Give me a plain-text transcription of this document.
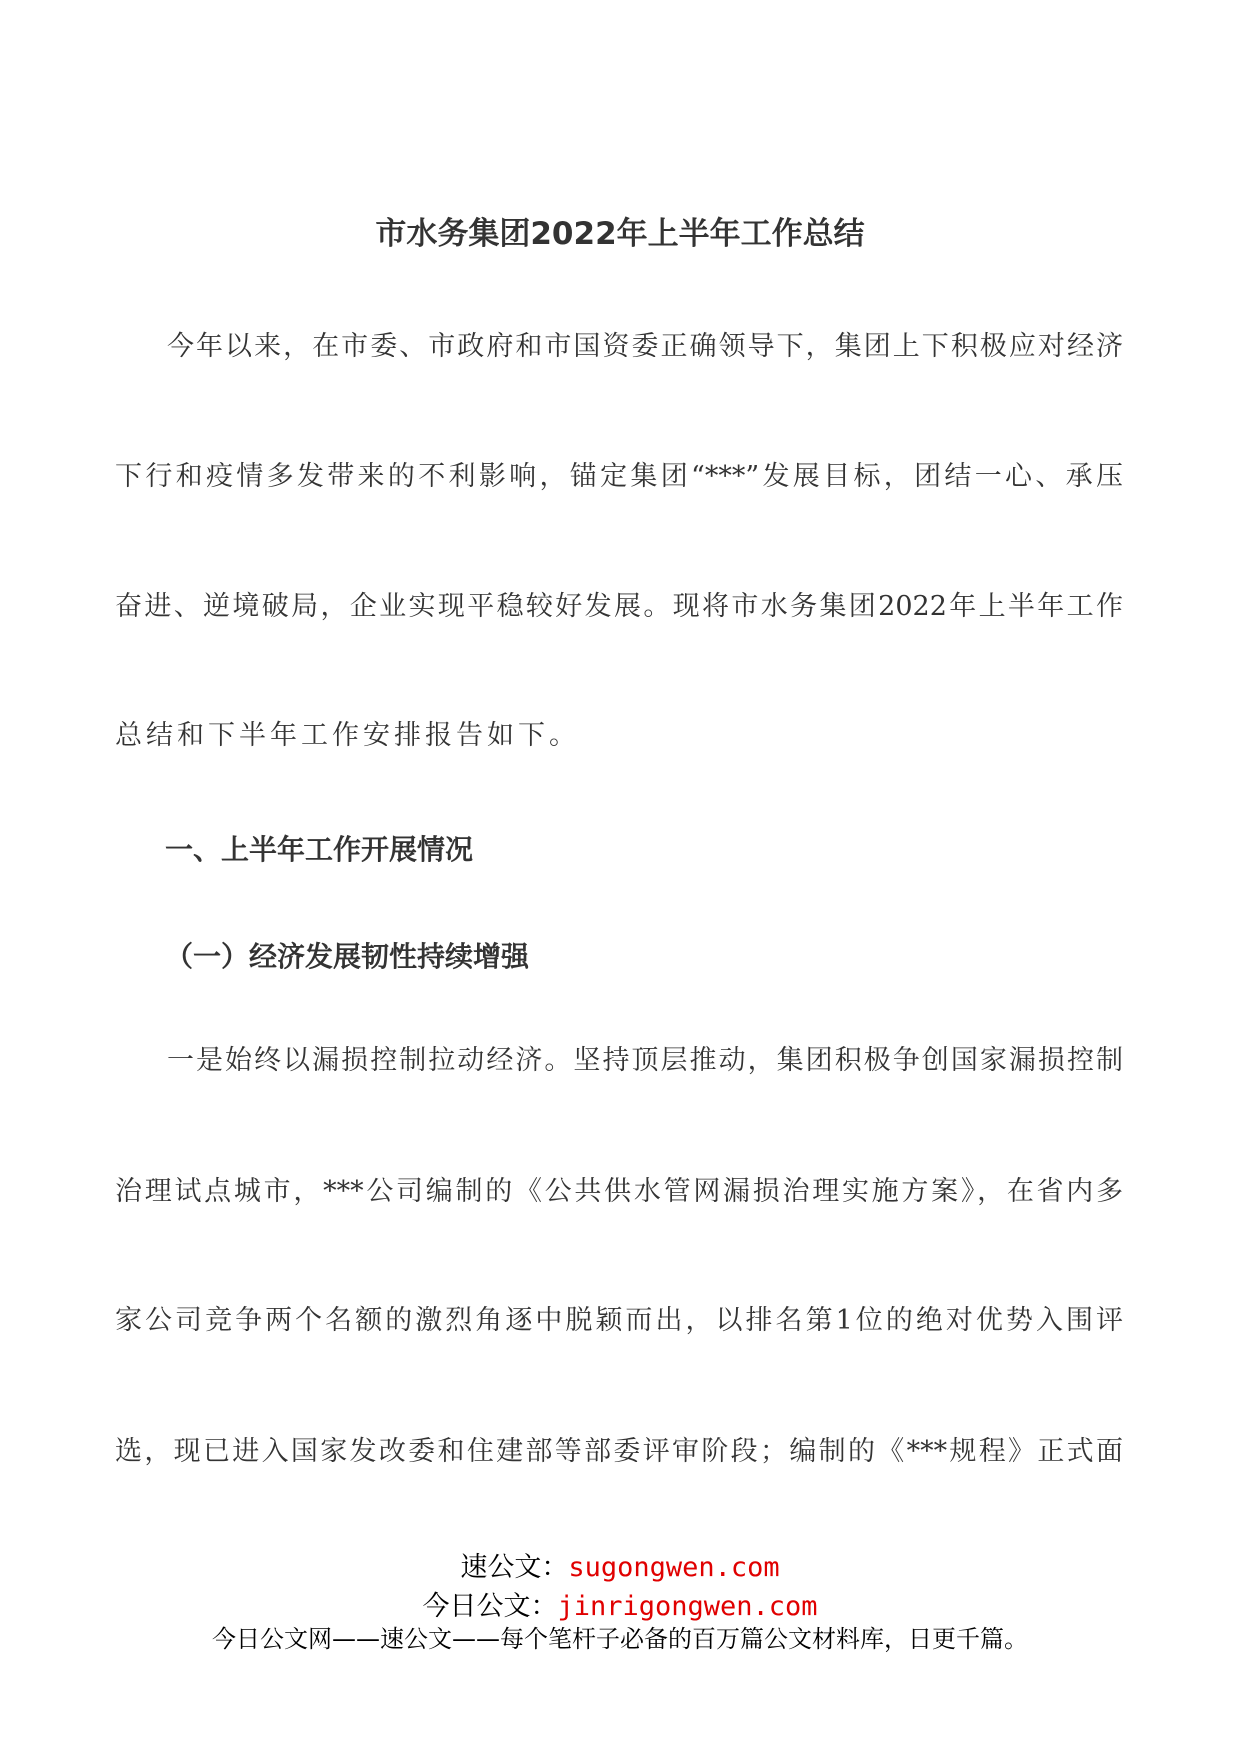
市水务集团2022年上半年工作总结
今年以来，在市委、市政府和市国资委正确领导下，集团上下积极应对经济
下行和疫情多发带来的不利影响，锚定集团“***”发展目标，团结一心、承压
奋进、逆境破局，企业实现平稳较好发展。现将市水务集团2022年上半年工作
总结和下半年工作安排报告如下。
一、上半年工作开展情况
（一）经济发展韧性持续增强
一是始终以漏损控制拉动经济。坚持顶层推动，集团积极争创国家漏损控制
治理试点城市，***公司编制的《公共供水管网漏损治理实施方案》，在省内多
家公司竞争两个名额的激烈角逐中脱颖而出，以排名第1位的绝对优势入围评
选，现已进入国家发改委和住建部等部委评审阶段；编制的《***规程》正式面
速公文：sugongwen.com
今日公文：jinrigongwen.com
今日公文网——速公文——每个笔杆子必备的百万篇公文材料库，日更千篇。
